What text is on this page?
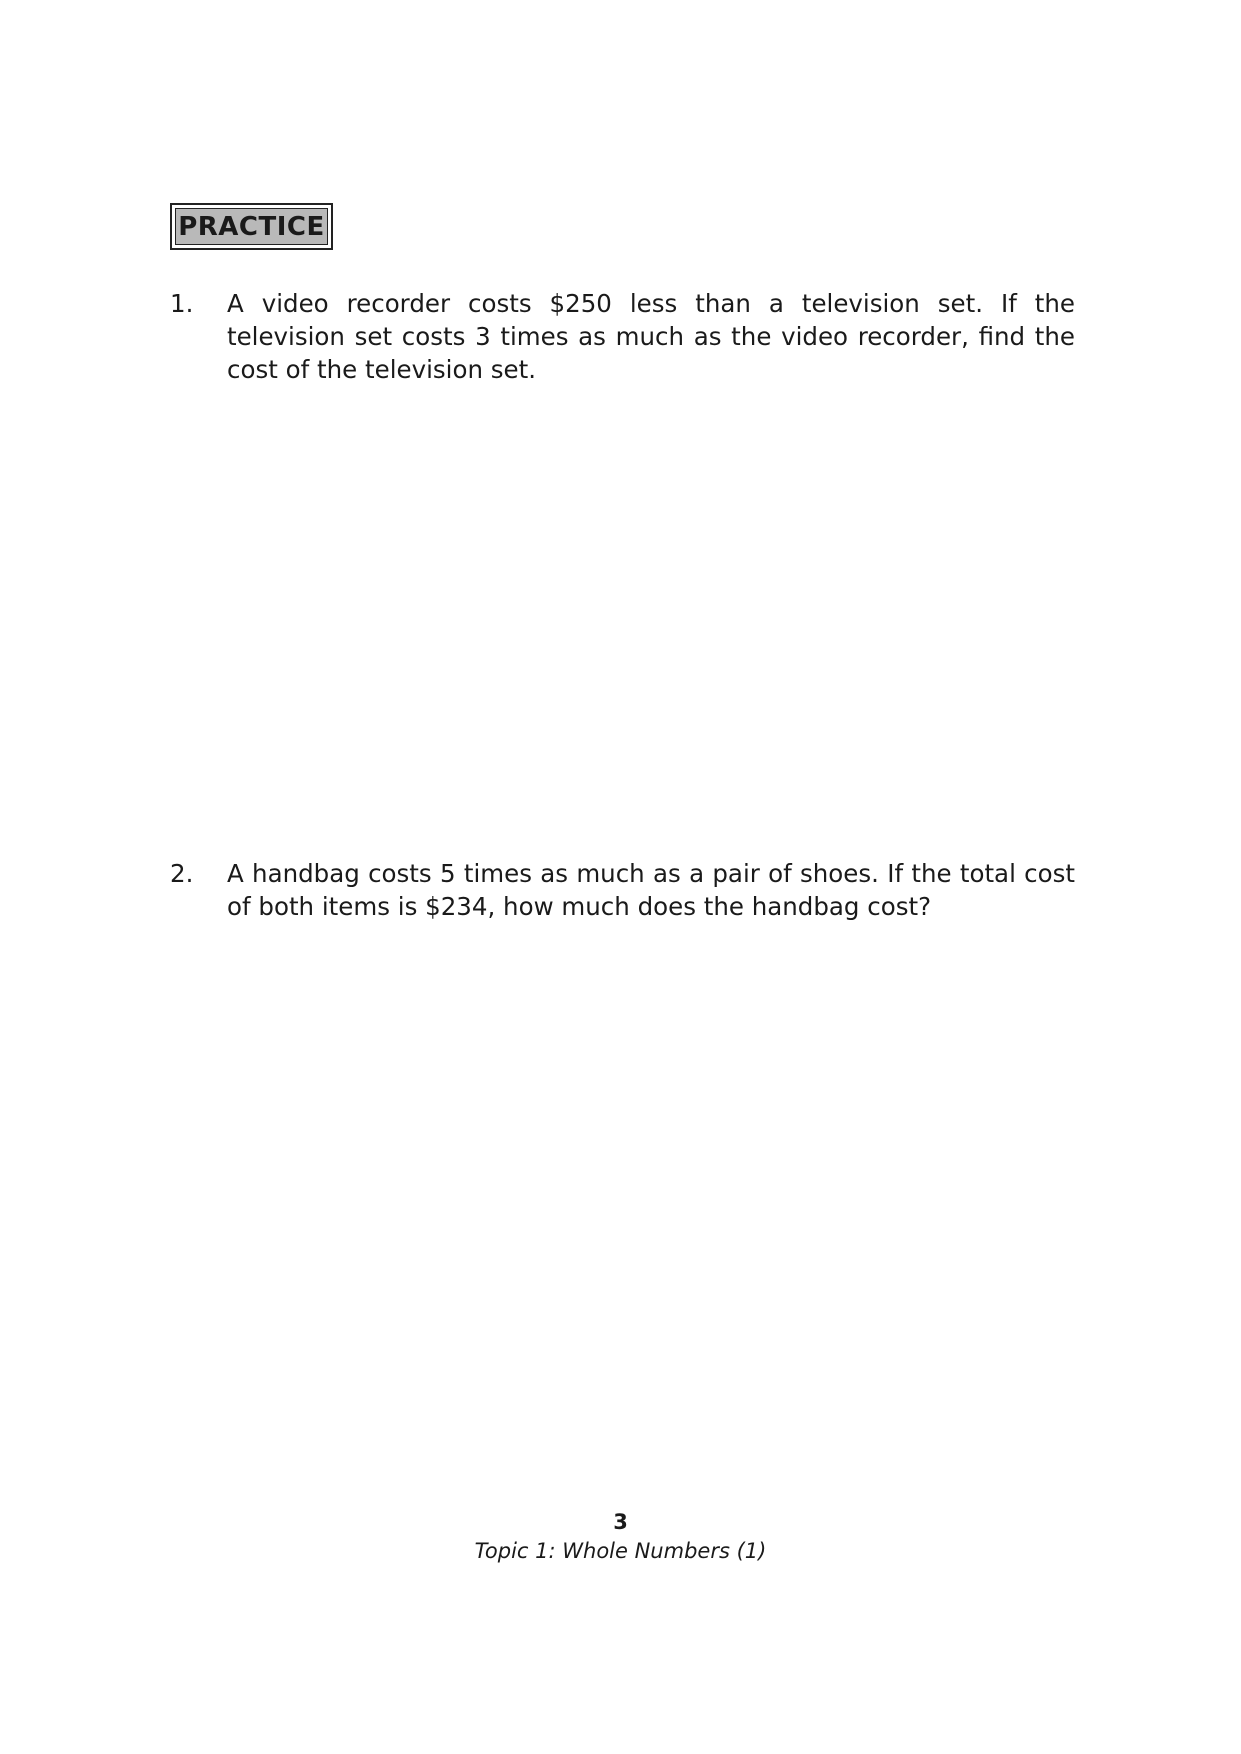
PRACTICE
1.	A video recorder costs $250 less than a television set. If the television set costs 3 times as much as the video recorder, find the cost of the television set.
2.	A handbag costs 5 times as much as a pair of shoes. If the total cost of both items is $234, how much does the handbag cost?
3
Topic 1: Whole Numbers (1)
